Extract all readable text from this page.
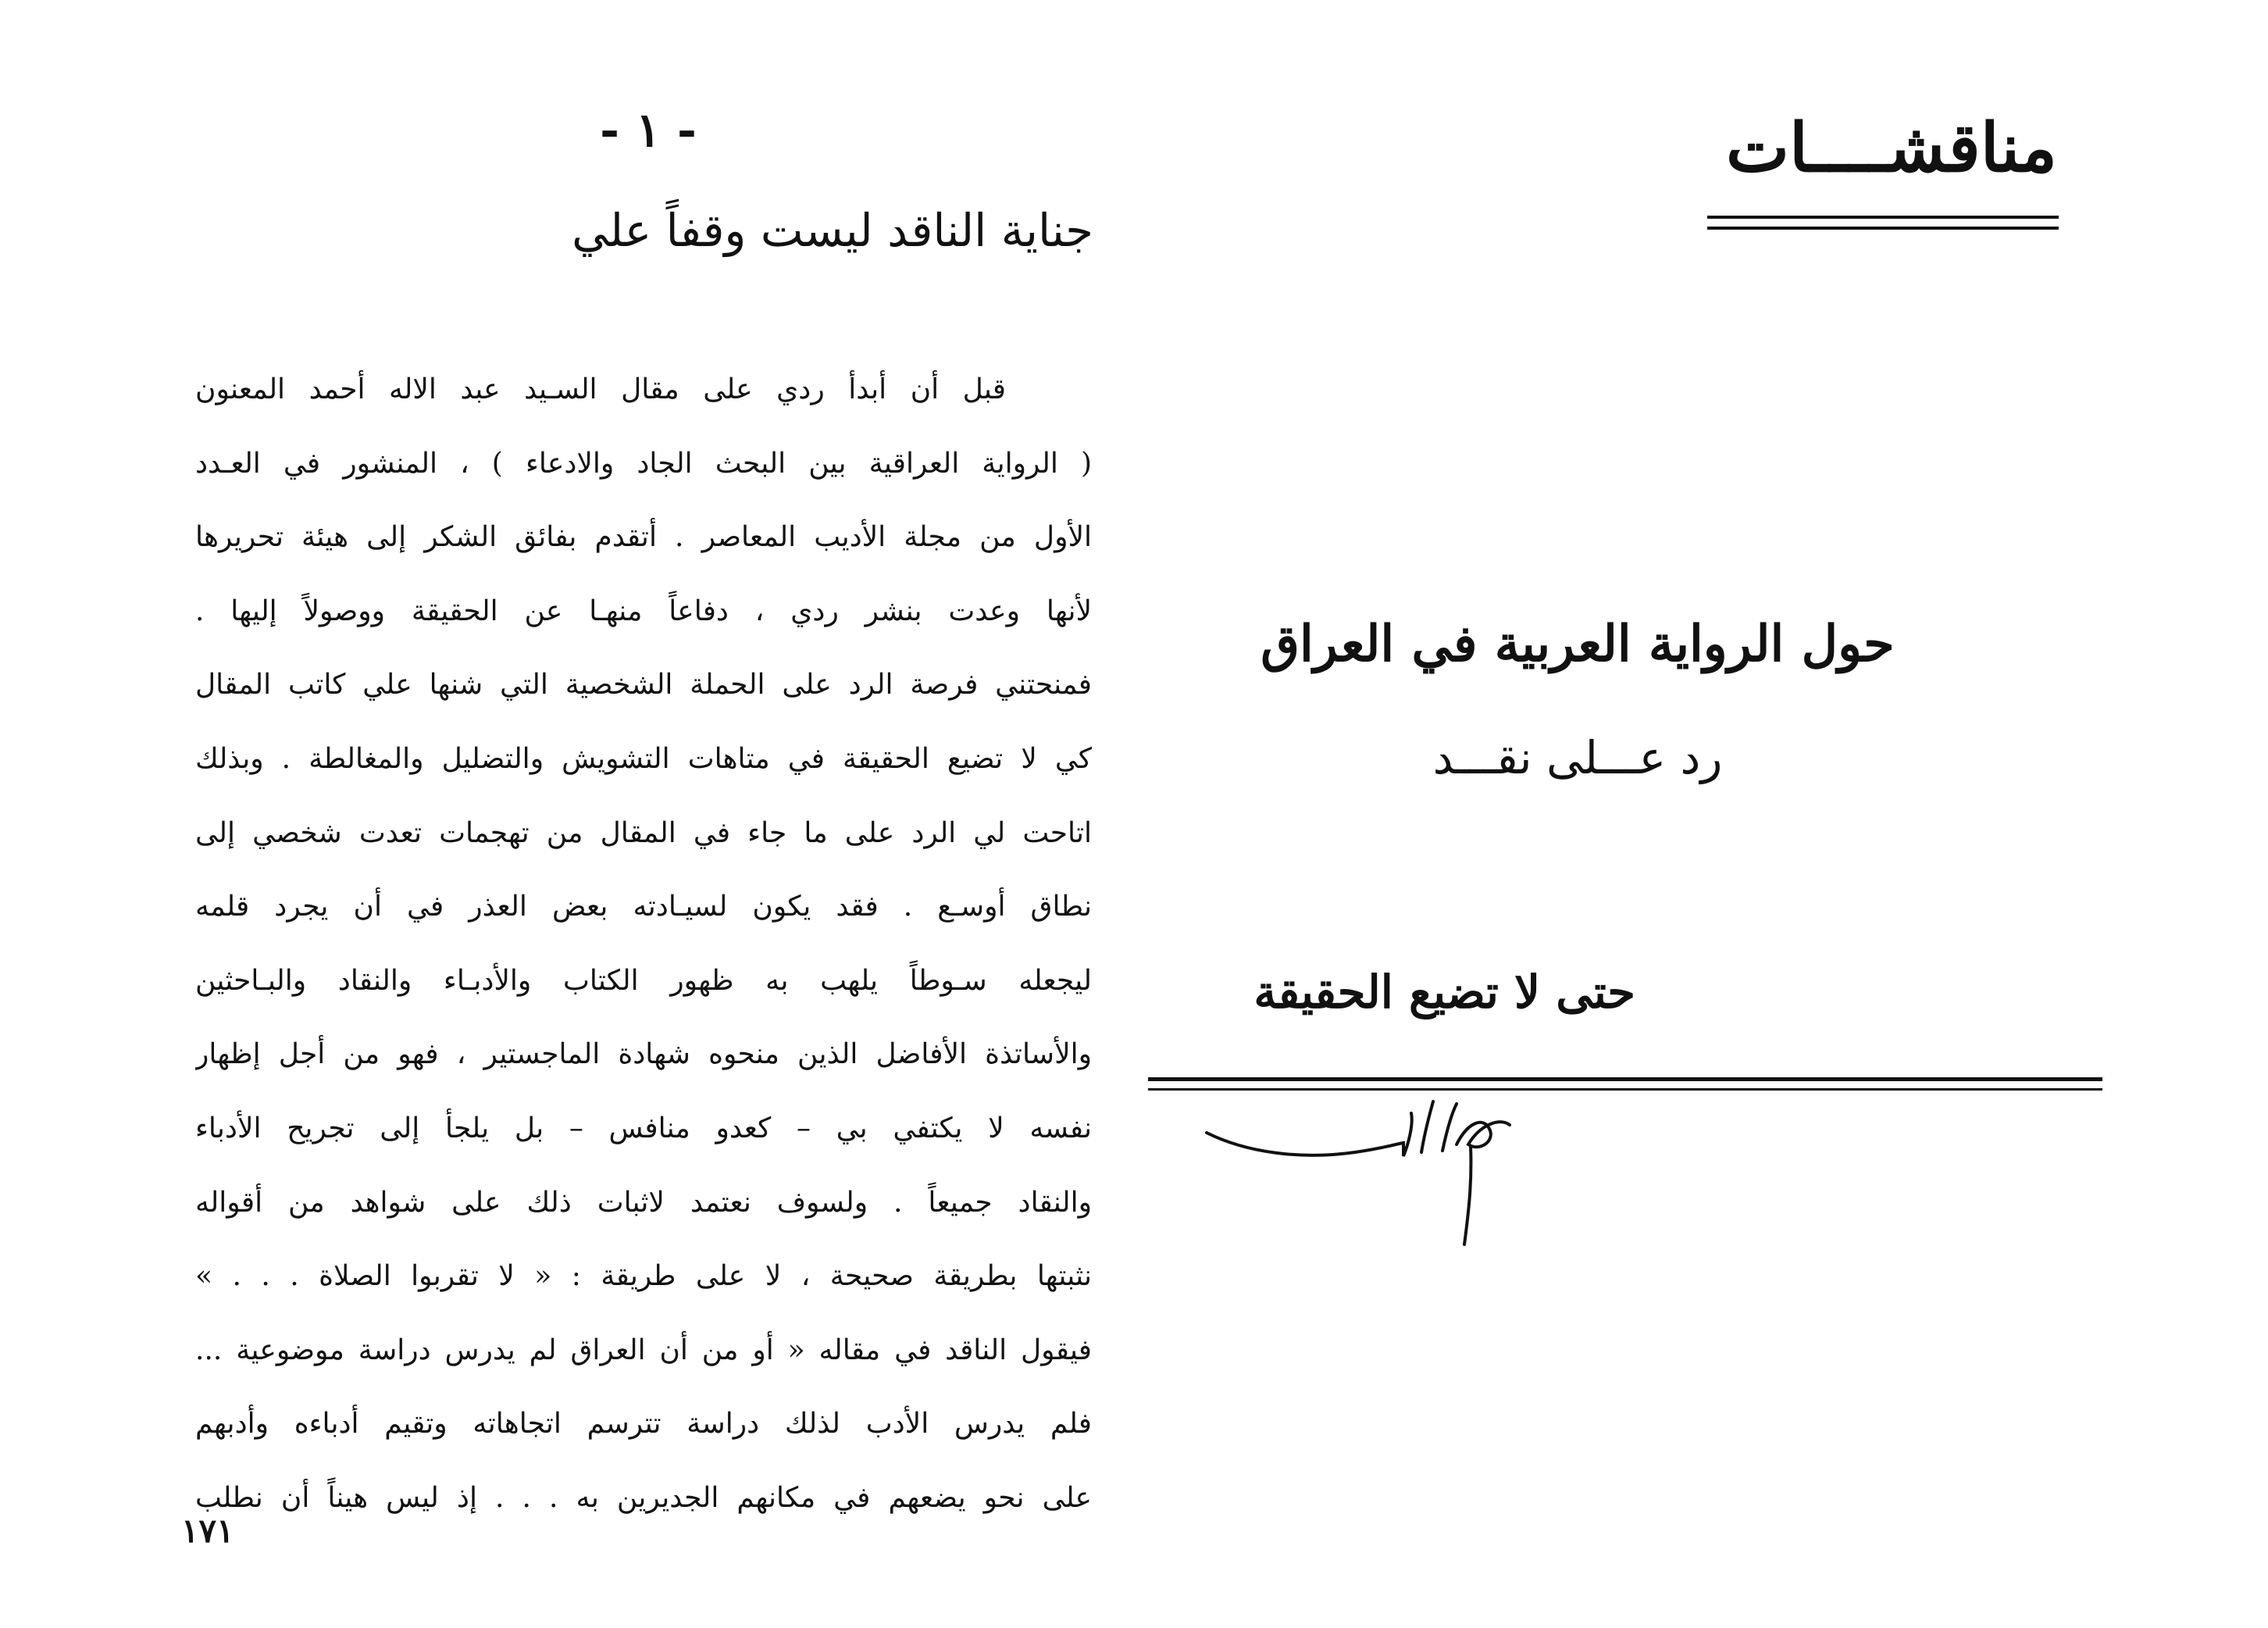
مناقشــــات
حول الرواية العربية في العراق
رد عـــلى نقـــد
حتى لا تضيع الحقيقة
- ١ -
جناية الناقد ليست وقفاً علي
قبل أن أبدأ ردي على مقال السـيد عبد الاله أحمد المعنون
( الرواية العراقية بين البحث الجاد والادعاء ) ، المنشور في العـدد
الأول من مجلة الأديب المعاصر . أتقدم بفائق الشكر إلى هيئة تحريرها
لأنها وعدت بنشر ردي ، دفاعاً منهـا عن الحقيقة ووصولاً إليها .
فمنحتني فرصة الرد على الحملة الشخصية التي شنها علي كاتب المقال
كي لا تضيع الحقيقة في متاهات التشويش والتضليل والمغالطة . وبذلك
اتاحت لي الرد على ما جاء في المقال من تهجمات تعدت شخصي إلى
نطاق أوسـع . فقد يكون لسيـادته بعض العذر في أن يجرد قلمه
ليجعله سـوطاً يلهب به ظهور الكتاب والأدبـاء والنقاد والبـاحثين
والأساتذة الأفاضل الذين منحوه شهادة الماجستير ، فهو من أجل إظهار
نفسه لا يكتفي بي – كعدو منافس – بل يلجأ إلى تجريح الأدباء
والنقاد جميعاً . ولسوف نعتمد لاثبات ذلك على شواهد من أقواله
نثبتها بطريقة صحيحة ، لا على طريقة : « لا تقربوا الصلاة . . . »
فيقول الناقد في مقاله « أو من أن العراق لم يدرس دراسة موضوعية ...
فلم يدرس الأدب لذلك دراسة تترسم اتجاهاته وتقيم أدباءه وأدبهم
على نحو يضعهم في مكانهم الجديرين به . . . إذ ليس هيناً أن نطلب
١٧١
